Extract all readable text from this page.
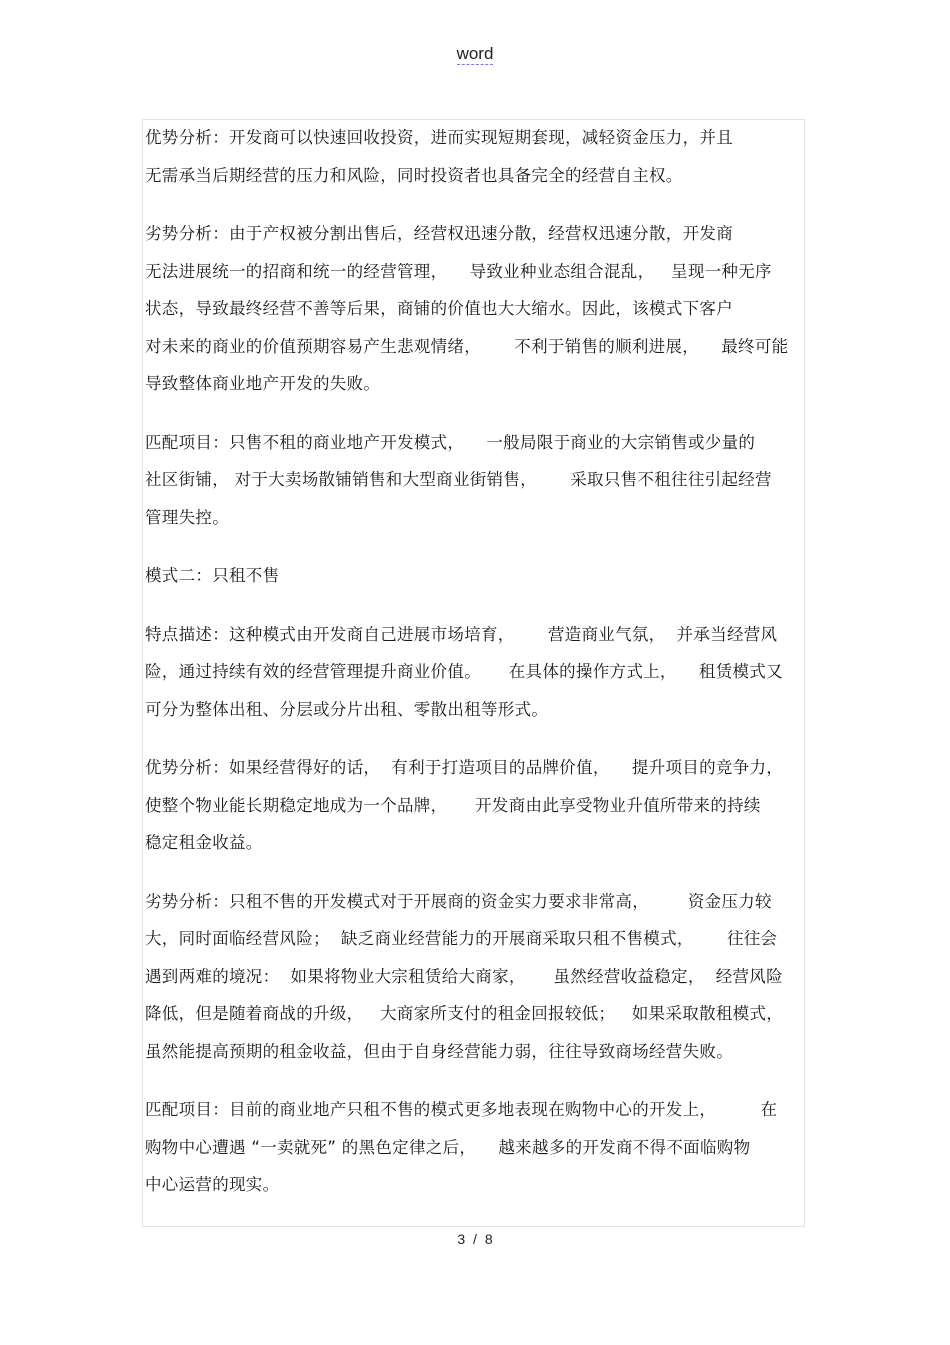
word
优势分析：开发商可以快速回收投资，进而实现短期套现，减轻资金压力，并且
无需承当后期经营的压力和风险，同时投资者也具备完全的经营自主权。
劣势分析：由于产权被分割出售后，经营权迅速分散，经营权迅速分散，开发商
无法进展统一的招商和统一的经营管理，    导致业种业态组合混乱，   呈现一种无序
状态，导致最终经营不善等后果，商铺的价值也大大缩水。因此，该模式下客户
对未来的商业的价值预期容易产生悲观情绪，      不利于销售的顺利进展，    最终可能
导致整体商业地产开发的失败。
匹配项目：只售不租的商业地产开发模式，    一般局限于商业的大宗销售或少量的
社区街铺， 对于大卖场散铺销售和大型商业街销售，      采取只售不租往往引起经营
管理失控。
模式二：只租不售
特点描述：这种模式由开发商自己进展市场培育，      营造商业气氛，  并承当经营风
险，通过持续有效的经营管理提升商业价值。     在具体的操作方式上，    租赁模式又
可分为整体出租、分层或分片出租、零散出租等形式。
优势分析：如果经营得好的话，  有利于打造项目的品牌价值，    提升项目的竞争力，
使整个物业能长期稳定地成为一个品牌，     开发商由此享受物业升值所带来的持续
稳定租金收益。
劣势分析：只租不售的开发模式对于开展商的资金实力要求非常高，       资金压力较
大，同时面临经营风险；  缺乏商业经营能力的开展商采取只租不售模式，      往往会
遇到两难的境况：  如果将物业大宗租赁给大商家，     虽然经营收益稳定，  经营风险
降低，但是随着商战的升级，   大商家所支付的租金回报较低；   如果采取散租模式，
虽然能提高预期的租金收益，但由于自身经营能力弱，往往导致商场经营失败。
匹配项目：目前的商业地产只租不售的模式更多地表现在购物中心的开发上，        在
购物中心遭遇 “一卖就死” 的黑色定律之后，    越来越多的开发商不得不面临购物
中心运营的现实。
3 / 8
